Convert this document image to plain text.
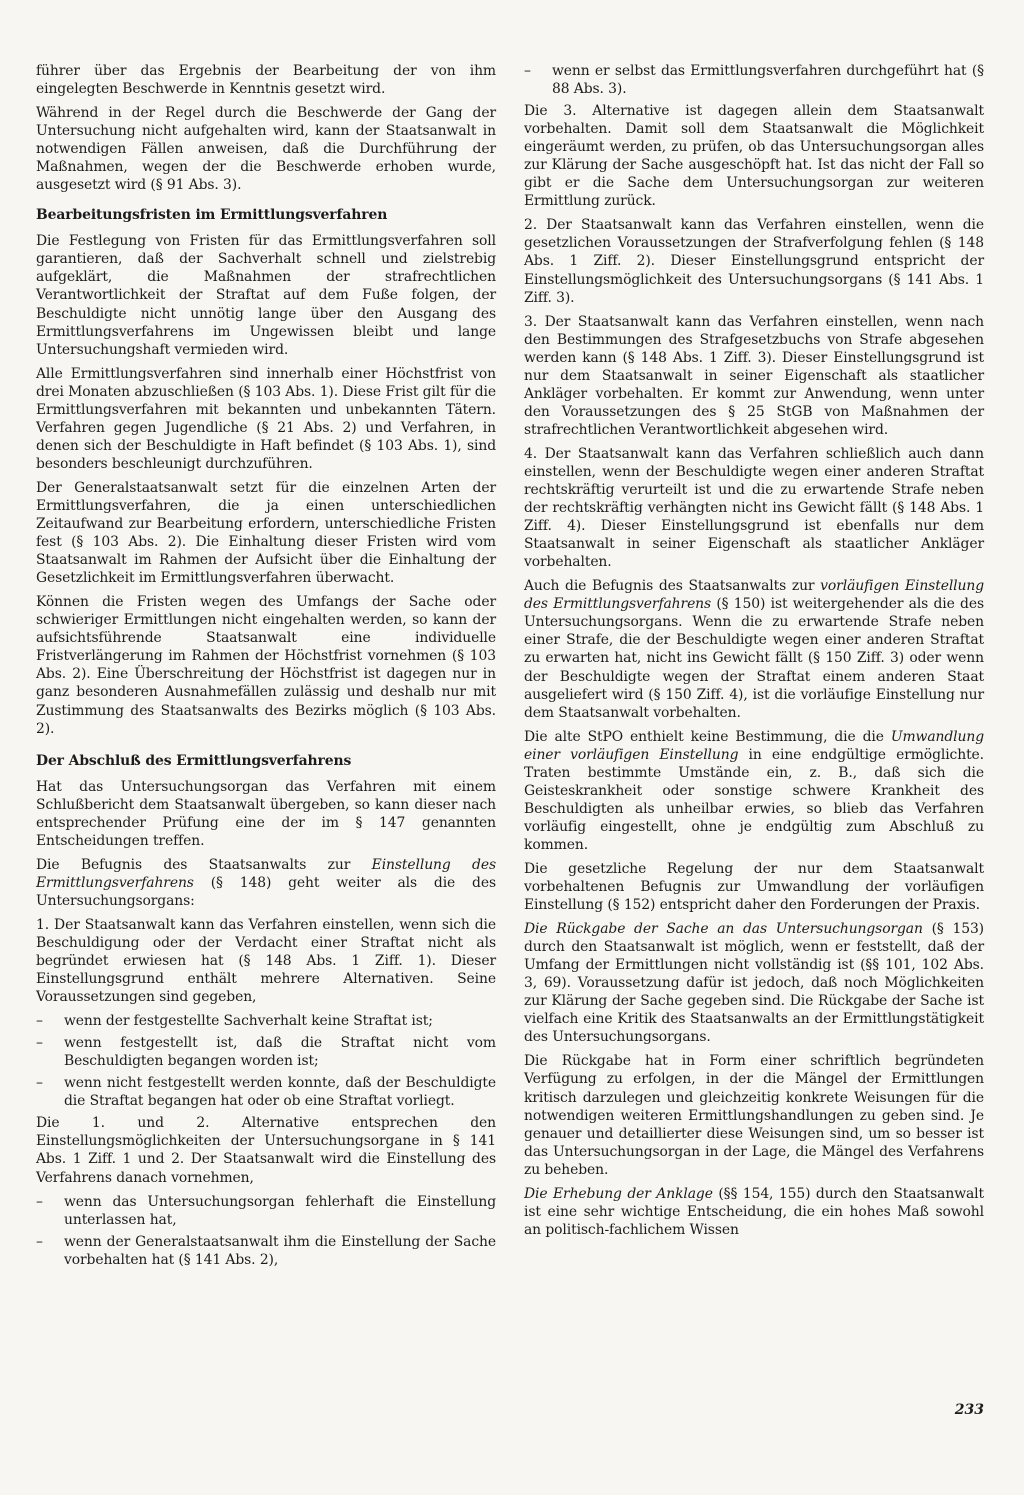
führer über das Ergebnis der Bearbeitung der von ihm eingelegten Beschwerde in Kenntnis gesetzt wird.

Während in der Regel durch die Beschwerde der Gang der Untersuchung nicht aufgehalten wird, kann der Staatsanwalt in notwendigen Fällen anweisen, daß die Durchführung der Maßnahmen, wegen der die Beschwerde erhoben wurde, ausgesetzt wird (§ 91 Abs. 3).

Bearbeitungsfristen im Ermittlungsverfahren

Die Festlegung von Fristen für das Ermittlungsverfahren soll garantieren, daß der Sachverhalt schnell und zielstrebig aufgeklärt, die Maßnahmen der strafrechtlichen Verantwortlichkeit der Straftat auf dem Fuße folgen, der Beschuldigte nicht unnötig lange über den Ausgang des Ermittlungsverfahrens im Ungewissen bleibt und lange Untersuchungshaft vermieden wird.

Alle Ermittlungsverfahren sind innerhalb einer Höchstfrist von drei Monaten abzuschließen (§ 103 Abs. 1). Diese Frist gilt für die Ermittlungsverfahren mit bekannten und unbekannten Tätern. Verfahren gegen Jugendliche (§ 21 Abs. 2) und Verfahren, in denen sich der Beschuldigte in Haft befindet (§ 103 Abs. 1), sind besonders beschleunigt durchzuführen.

Der Generalstaatsanwalt setzt für die einzelnen Arten der Ermittlungsverfahren, die ja einen unterschiedlichen Zeitaufwand zur Bearbeitung erfordern, unterschiedliche Fristen fest (§ 103 Abs. 2). Die Einhaltung dieser Fristen wird vom Staatsanwalt im Rahmen der Aufsicht über die Einhaltung der Gesetzlichkeit im Ermittlungsverfahren überwacht.

Können die Fristen wegen des Umfangs der Sache oder schwieriger Ermittlungen nicht eingehalten werden, so kann der aufsichtsführende Staatsanwalt eine individuelle Fristverlängerung im Rahmen der Höchstfrist vornehmen (§ 103 Abs. 2). Eine Überschreitung der Höchstfrist ist dagegen nur in ganz besonderen Ausnahmefällen zulässig und deshalb nur mit Zustimmung des Staatsanwalts des Bezirks möglich (§ 103 Abs. 2).

Der Abschluß des Ermittlungsverfahrens

Hat das Untersuchungsorgan das Verfahren mit einem Schlußbericht dem Staatsanwalt übergeben, so kann dieser nach entsprechender Prüfung eine der im § 147 genannten Entscheidungen treffen.

Die Befugnis des Staatsanwalts zur Einstellung des Ermittlungsverfahrens (§ 148) geht weiter als die des Untersuchungsorgans:

1. Der Staatsanwalt kann das Verfahren einstellen, wenn sich die Beschuldigung oder der Verdacht einer Straftat nicht als begründet erwiesen hat (§ 148 Abs. 1 Ziff. 1). Dieser Einstellungsgrund enthält mehrere Alternativen. Seine Voraussetzungen sind gegeben,

–	wenn der festgestellte Sachverhalt keine Straftat ist;
–	wenn festgestellt ist, daß die Straftat nicht vom Beschuldigten begangen worden ist;
–	wenn nicht festgestellt werden konnte, daß der Beschuldigte die Straftat begangen hat oder ob eine Straftat vorliegt.

Die 1. und 2. Alternative entsprechen den Einstellungsmöglichkeiten der Untersuchungsorgane in § 141 Abs. 1 Ziff. 1 und 2. Der Staatsanwalt wird die Einstellung des Verfahrens danach vornehmen,

–	wenn das Untersuchungsorgan fehlerhaft die Einstellung unterlassen hat,
–	wenn der Generalstaatsanwalt ihm die Einstellung der Sache vorbehalten hat (§ 141 Abs. 2),
–	wenn er selbst das Ermittlungsverfahren durchgeführt hat (§ 88 Abs. 3).

Die 3. Alternative ist dagegen allein dem Staatsanwalt vorbehalten. Damit soll dem Staatsanwalt die Möglichkeit eingeräumt werden, zu prüfen, ob das Untersuchungsorgan alles zur Klärung der Sache ausgeschöpft hat. Ist das nicht der Fall so gibt er die Sache dem Untersuchungsorgan zur weiteren Ermittlung zurück.

2. Der Staatsanwalt kann das Verfahren einstellen, wenn die gesetzlichen Voraussetzungen der Strafverfolgung fehlen (§ 148 Abs. 1 Ziff. 2). Dieser Einstellungsgrund entspricht der Einstellungsmöglichkeit des Untersuchungsorgans (§ 141 Abs. 1 Ziff. 3).

3. Der Staatsanwalt kann das Verfahren einstellen, wenn nach den Bestimmungen des Strafgesetzbuchs von Strafe abgesehen werden kann (§ 148 Abs. 1 Ziff. 3). Dieser Einstellungsgrund ist nur dem Staatsanwalt in seiner Eigenschaft als staatlicher Ankläger vorbehalten. Er kommt zur Anwendung, wenn unter den Voraussetzungen des § 25 StGB von Maßnahmen der strafrechtlichen Verantwortlichkeit abgesehen wird.

4. Der Staatsanwalt kann das Verfahren schließlich auch dann einstellen, wenn der Beschuldigte wegen einer anderen Straftat rechtskräftig verurteilt ist und die zu erwartende Strafe neben der rechtskräftig verhängten nicht ins Gewicht fällt (§ 148 Abs. 1 Ziff. 4). Dieser Einstellungsgrund ist ebenfalls nur dem Staatsanwalt in seiner Eigenschaft als staatlicher Ankläger vorbehalten.

Auch die Befugnis des Staatsanwalts zur vorläufigen Einstellung des Ermittlungsverfahrens (§ 150) ist weitergehender als die des Untersuchungsorgans. Wenn die zu erwartende Strafe neben einer Strafe, die der Beschuldigte wegen einer anderen Straftat zu erwarten hat, nicht ins Gewicht fällt (§ 150 Ziff. 3) oder wenn der Beschuldigte wegen der Straftat einem anderen Staat ausgeliefert wird (§ 150 Ziff. 4), ist die vorläufige Einstellung nur dem Staatsanwalt vorbehalten.

Die alte StPO enthielt keine Bestimmung, die die Umwandlung einer vorläufigen Einstellung in eine endgültige ermöglichte. Traten bestimmte Umstände ein, z. B., daß sich die Geisteskrankheit oder sonstige schwere Krankheit des Beschuldigten als unheilbar erwies, so blieb das Verfahren vorläufig eingestellt, ohne je endgültig zum Abschluß zu kommen.

Die gesetzliche Regelung der nur dem Staatsanwalt vorbehaltenen Befugnis zur Umwandlung der vorläufigen Einstellung (§ 152) entspricht daher den Forderungen der Praxis.

Die Rückgabe der Sache an das Untersuchungsorgan (§ 153) durch den Staatsanwalt ist möglich, wenn er feststellt, daß der Umfang der Ermittlungen nicht vollständig ist (§§ 101, 102 Abs. 3, 69). Voraussetzung dafür ist jedoch, daß noch Möglichkeiten zur Klärung der Sache gegeben sind. Die Rückgabe der Sache ist vielfach eine Kritik des Staatsanwalts an der Ermittlungstätigkeit des Untersuchungsorgans.

Die Rückgabe hat in Form einer schriftlich begründeten Verfügung zu erfolgen, in der die Mängel der Ermittlungen kritisch darzulegen und gleichzeitig konkrete Weisungen für die notwendigen weiteren Ermittlungshandlungen zu geben sind. Je genauer und detaillierter diese Weisungen sind, um so besser ist das Untersuchungsorgan in der Lage, die Mängel des Verfahrens zu beheben.

Die Erhebung der Anklage (§§ 154, 155) durch den Staatsanwalt ist eine sehr wichtige Entscheidung, die ein hohes Maß sowohl an politisch-fachlichem Wissen

233
